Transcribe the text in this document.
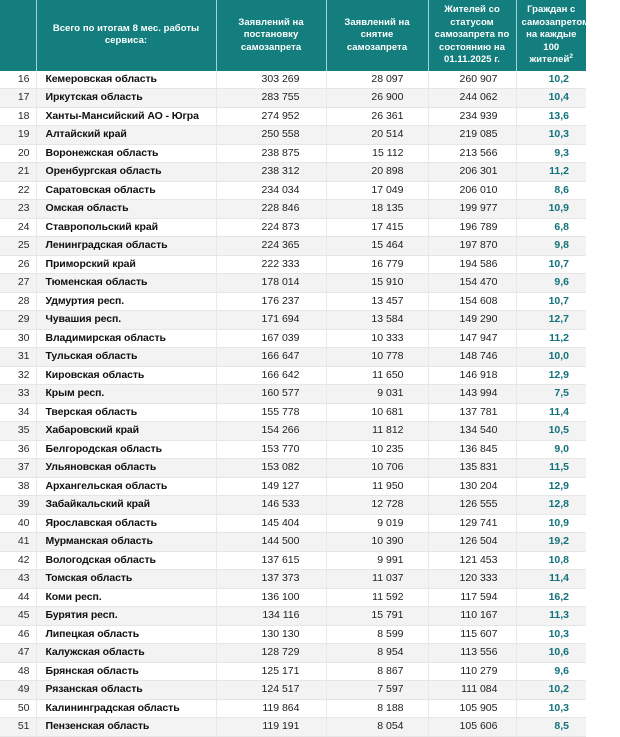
	Всего по итогам 8 мес. работы сервиса:	Заявлений на постановку самозапрета	Заявлений на снятие самозапрета	Жителей со статусом самозапрета по состоянию на 01.11.2025 г.	Граждан с самозапретом на каждые 100 жителей$^2$
16	Кемеровская область	303 269	28 097	260 907	10,2
17	Иркутская область	283 755	26 900	244 062	10,4
18	Ханты-Мансийский АО - Югра	274 952	26 361	234 939	13,6
19	Алтайский край	250 558	20 514	219 085	10,3
20	Воронежская область	238 875	15 112	213 566	9,3
21	Оренбургская область	238 312	20 898	206 301	11,2
22	Саратовская область	234 034	17 049	206 010	8,6
23	Омская область	228 846	18 135	199 977	10,9
24	Ставропольский край	224 873	17 415	196 789	6,8
25	Ленинградская область	224 365	15 464	197 870	9,8
26	Приморский край	222 333	16 779	194 586	10,7
27	Тюменская область	178 014	15 910	154 470	9,6
28	Удмуртия респ.	176 237	13 457	154 608	10,7
29	Чувашия респ.	171 694	13 584	149 290	12,7
30	Владимирская область	167 039	10 333	147 947	11,2
31	Тульская область	166 647	10 778	148 746	10,0
32	Кировская область	166 642	11 650	146 918	12,9
33	Крым респ.	160 577	9 031	143 994	7,5
34	Тверская область	155 778	10 681	137 781	11,4
35	Хабаровский край	154 266	11 812	134 540	10,5
36	Белгородская область	153 770	10 235	136 845	9,0
37	Ульяновская область	153 082	10 706	135 831	11,5
38	Архангельская область	149 127	11 950	130 204	12,9
39	Забайкальский край	146 533	12 728	126 555	12,8
40	Ярославская область	145 404	9 019	129 741	10,9
41	Мурманская область	144 500	10 390	126 504	19,2
42	Вологодская область	137 615	9 991	121 453	10,8
43	Томская область	137 373	11 037	120 333	11,4
44	Коми респ.	136 100	11 592	117 594	16,2
45	Бурятия респ.	134 116	15 791	110 167	11,3
46	Липецкая область	130 130	8 599	115 607	10,3
47	Калужская область	128 729	8 954	113 556	10,6
48	Брянская область	125 171	8 867	110 279	9,6
49	Рязанская область	124 517	7 597	111 084	10,2
50	Калининградская область	119 864	8 188	105 905	10,3
51	Пензенская область	119 191	8 054	105 606	8,5
